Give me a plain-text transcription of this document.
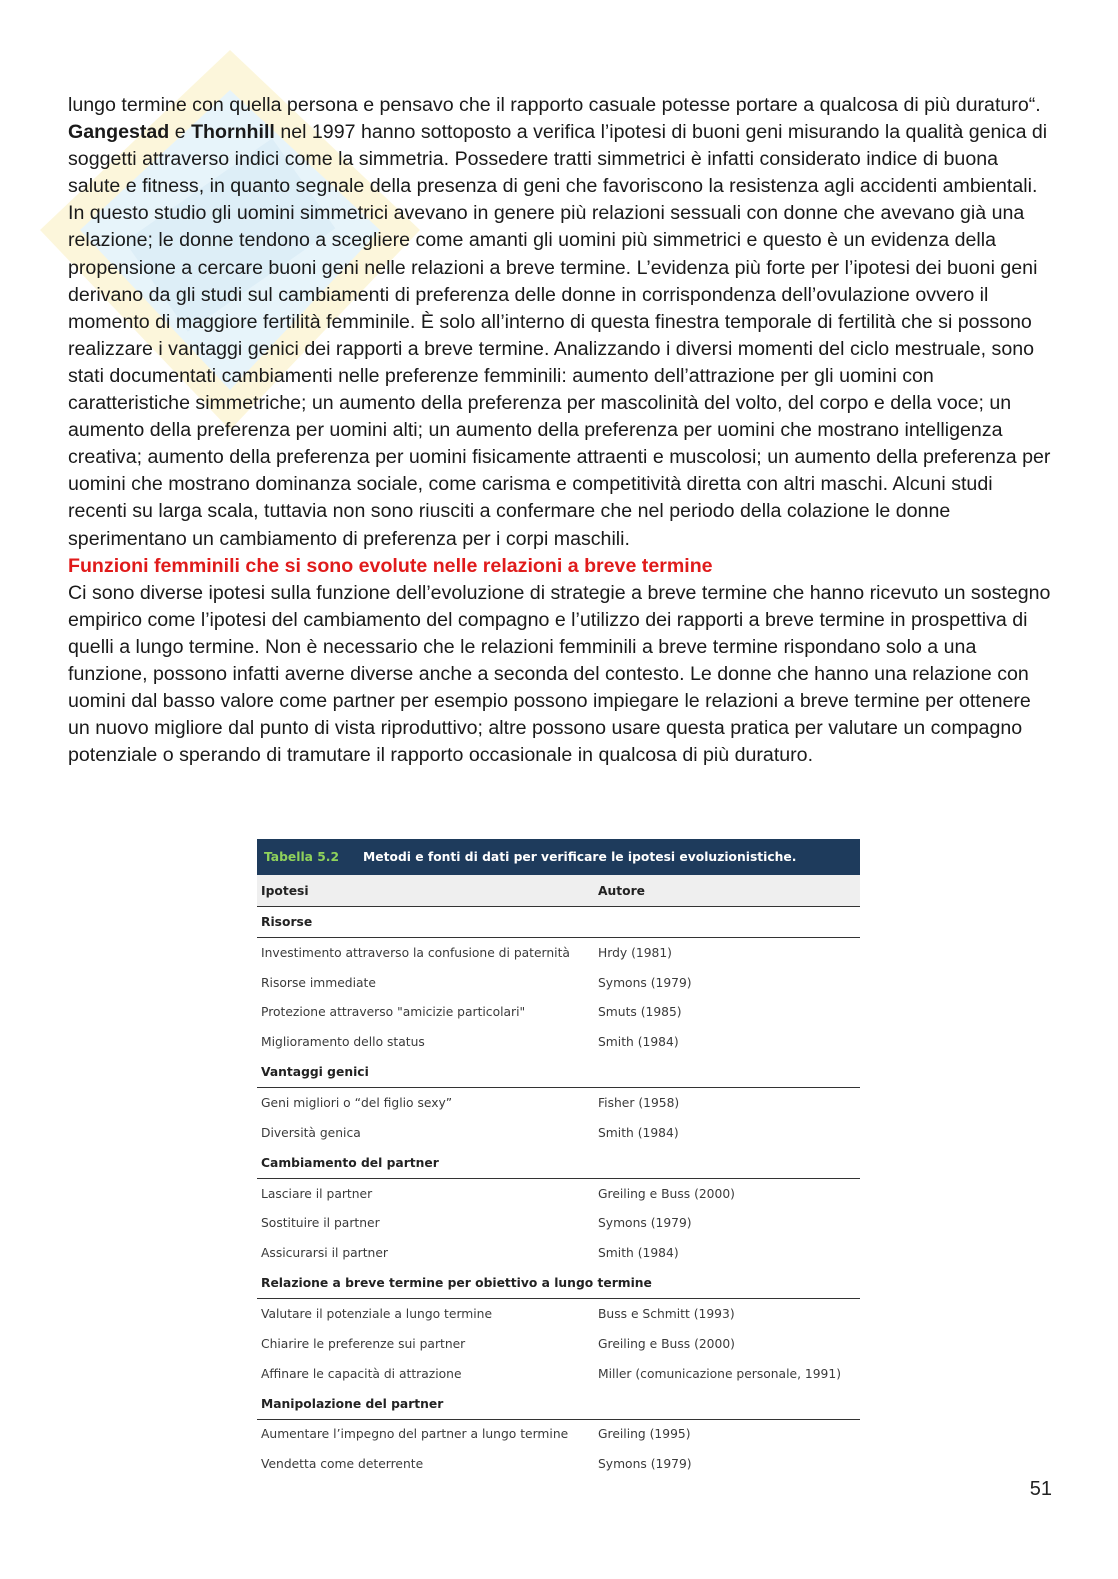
lungo termine con quella persona e pensavo che il rapporto casuale potesse portare a qualcosa di più duraturo“. Gangestad e Thornhill nel 1997 hanno sottoposto a verifica l’ipotesi di buoni geni misurando la qualità genica di soggetti attraverso indici come la simmetria. Possedere tratti simmetrici è infatti considerato indice di buona salute e fitness, in quanto segnale della presenza di geni che favoriscono la resistenza agli accidenti ambientali. In questo studio gli uomini simmetrici avevano in genere più relazioni sessuali con donne che avevano già una relazione; le donne tendono a scegliere come amanti gli uomini più simmetrici e questo è un evidenza della propensione a cercare buoni geni nelle relazioni a breve termine. L’evidenza più forte per l’ipotesi dei buoni geni derivano da gli studi sul cambiamenti di preferenza delle donne in corrispondenza dell’ovulazione ovvero il momento di maggiore fertilità femminile. È solo all’interno di questa finestra temporale di fertilità che si possono realizzare i vantaggi genici dei rapporti a breve termine. Analizzando i diversi momenti del ciclo mestruale, sono stati documentati cambiamenti nelle preferenze femminili: aumento dell’attrazione per gli uomini con caratteristiche simmetriche; un aumento della preferenza per mascolinità del volto, del corpo e della voce; un aumento della preferenza per uomini alti; un aumento della preferenza per uomini che mostrano intelligenza creativa; aumento della preferenza per uomini fisicamente attraenti e muscolosi; un aumento della preferenza per uomini che mostrano dominanza sociale, come carisma e competitività diretta con altri maschi. Alcuni studi recenti su larga scala, tuttavia non sono riusciti a confermare che nel periodo della colazione le donne sperimentano un cambiamento di preferenza per i corpi maschili.

Funzioni femminili che si sono evolute nelle relazioni a breve termine

Ci sono diverse ipotesi sulla funzione dell’evoluzione di strategie a breve termine che hanno ricevuto un sostegno empirico come l’ipotesi del cambiamento del compagno e l’utilizzo dei rapporti a breve termine in prospettiva di quelli a lungo termine. Non è necessario che le relazioni femminili a breve termine rispondano solo a una funzione, possono infatti averne diverse anche a seconda del contesto. Le donne che hanno una relazione con uomini dal basso valore come partner per esempio possono impiegare le relazioni a breve termine per ottenere un nuovo migliore dal punto di vista riproduttivo; altre possono usare questa pratica per valutare un compagno potenziale o sperando di tramutare il rapporto occasionale in qualcosa di più duraturo.

Tabella 5.2 Metodi e fonti di dati per verificare le ipotesi evoluzionistiche.
Ipotesi	Autore
Risorse
Investimento attraverso la confusione di paternità	Hrdy (1981)
Risorse immediate	Symons (1979)
Protezione attraverso "amicizie particolari"	Smuts (1985)
Miglioramento dello status	Smith (1984)
Vantaggi genici
Geni migliori o “del figlio sexy”	Fisher (1958)
Diversità genica	Smith (1984)
Cambiamento del partner
Lasciare il partner	Greiling e Buss (2000)
Sostituire il partner	Symons (1979)
Assicurarsi il partner	Smith (1984)
Relazione a breve termine per obiettivo a lungo termine
Valutare il potenziale a lungo termine	Buss e Schmitt (1993)
Chiarire le preferenze sui partner	Greiling e Buss (2000)
Affinare le capacità di attrazione	Miller (comunicazione personale, 1991)
Manipolazione del partner
Aumentare l’impegno del partner a lungo termine	Greiling (1995)
Vendetta come deterrente	Symons (1979)
51
